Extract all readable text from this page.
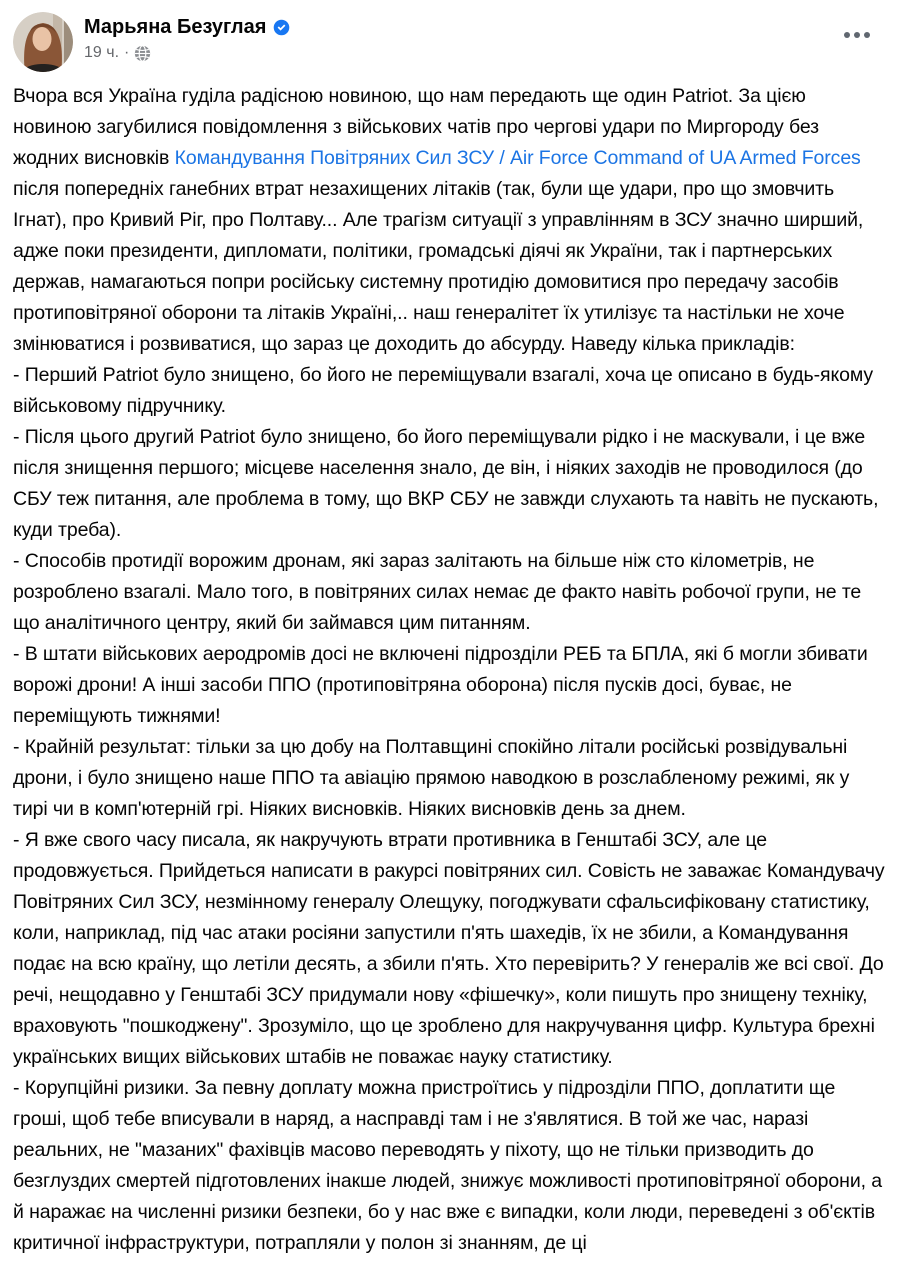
Марьяна Безуглая
19 ч. ·

Вчора вся Україна гуділа радісною новиною, що нам передають ще один Patriot. За цією новиною загубилися повідомлення з військових чатів про чергові удари по Миргороду без жодних висновків Командування Повітряних Сил ЗСУ / Air Force Command of UA Armed Forces після попередніх ганебних втрат незахищених літаків (так, були ще удари, про що змовчить Ігнат), про Кривий Ріг, про Полтаву... Але трагізм ситуації з управлінням в ЗСУ значно ширший, адже поки президенти, дипломати, політики, громадські діячі як України, так і партнерських держав, намагаються попри російську системну протидію домовитися про передачу засобів протиповітряної оборони та літаків Україні,.. наш генералітет їх утилізує та настільки не хоче змінюватися і розвиватися, що зараз це доходить до абсурду. Наведу кілька прикладів:

- Перший Patriot було знищено, бо його не переміщували взагалі, хоча це описано в будь-якому військовому підручнику.

- Після цього другий Patriot було знищено, бо його переміщували рідко і не маскували, і це вже після знищення першого; місцеве населення знало, де він, і ніяких заходів не проводилося (до СБУ теж питання, але проблема в тому, що ВКР СБУ не завжди слухають та навіть не пускають, куди треба).

- Способів протидії ворожим дронам, які зараз залітають на більше ніж сто кілометрів, не розроблено взагалі. Мало того, в повітряних силах немає де факто навіть робочої групи, не те що аналітичного центру, який би займався цим питанням.

- В штати військових аеродромів досі не включені підрозділи РЕБ та БПЛА, які б могли збивати ворожі дрони! А інші засоби ППО (протиповітряна оборона) після пусків досі, буває, не переміщують тижнями!

- Крайній результат: тільки за цю добу на Полтавщині спокійно літали російські розвідувальні дрони, і було знищено наше ППО та авіацію прямою наводкою в розслабленому режимі, як у тирі чи в комп'ютерній грі. Ніяких висновків. Ніяких висновків день за днем.

- Я вже свого часу писала, як накручують втрати противника в Генштабі ЗСУ, але це продовжується. Прийдеться написати в ракурсі повітряних сил. Совість не заважає Командувачу Повітряних Сил ЗСУ, незмінному генералу Олещуку, погоджувати сфальсифіковану статистику, коли, наприклад, під час атаки росіяни запустили п'ять шахедів, їх не збили, а Командування подає на всю країну, що летіли десять, а збили п'ять. Хто перевірить? У генералів же всі свої. До речі, нещодавно у Генштабі ЗСУ придумали нову «фішечку», коли пишуть про знищену техніку, враховують "пошкоджену". Зрозуміло, що це зроблено для накручування цифр. Культура брехні українських вищих військових штабів не поважає науку статистику.

- Корупційні ризики. За певну доплату можна пристроїтись у підрозділи ППО, доплатити ще гроші, щоб тебе вписували в наряд, а насправді там і не з'являтися. В той же час, наразі реальних, не "мазаних" фахівців масово переводять у піхоту, що не тільки призводить до безглуздих смертей підготовлених інакше людей, знижує можливості протиповітряної оборони, а й наражає на численні ризики безпеки, бо у нас вже є випадки, коли люди, переведені з об'єктів критичної інфраструктури, потрапляли у полон зі знанням, де ці
